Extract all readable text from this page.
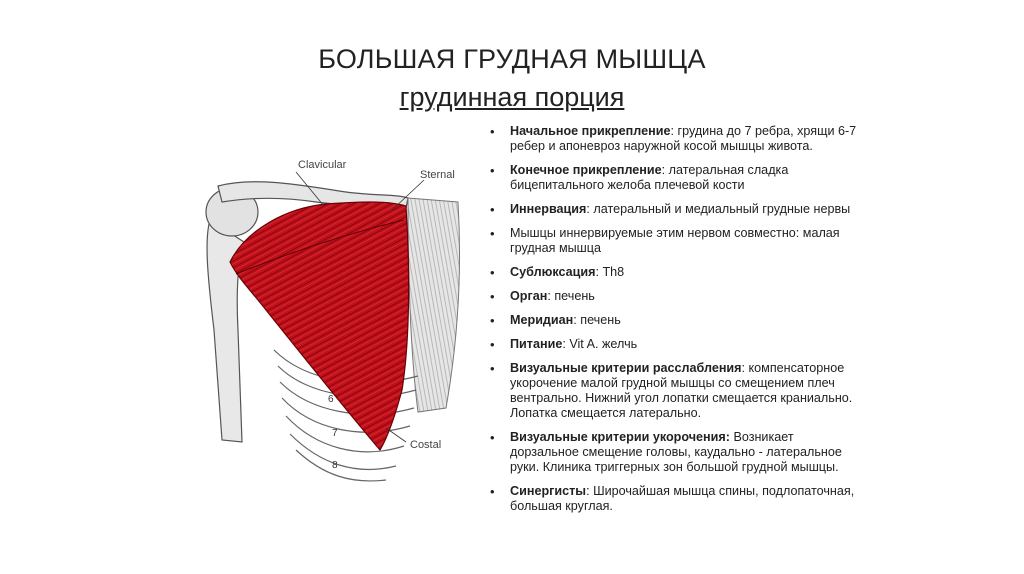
БОЛЬШАЯ ГРУДНАЯ МЫШЦА
грудинная порция
Clavicular
Sternal
Costal
6
7
8
• Начальное прикрепление: грудина до 7 ребра, хрящи 6-7 ребер и апоневроз наружной косой мышцы живота.
• Конечное прикрепление: латеральная сладка бицепитального желоба плечевой кости
• Иннервация: латеральный и медиальный грудные нервы
• Мышцы иннервируемые этим нервом совместно: малая грудная мышца
• Сублюксация: Th8
• Орган: печень
• Меридиан: печень
• Питание: Vit A. желчь
• Визуальные критерии расслабления: компенсаторное укорочение малой грудной мышцы со смещением плеч вентрально. Нижний угол лопатки смещается краниально. Лопатка смещается латерально.
• Визуальные критерии укорочения: Возникает дорзальное смещение головы, каудально - латеральное руки. Клиника триггерных зон большой грудной мышцы.
• Синергисты: Широчайшая мышца спины, подлопаточная, большая круглая.
